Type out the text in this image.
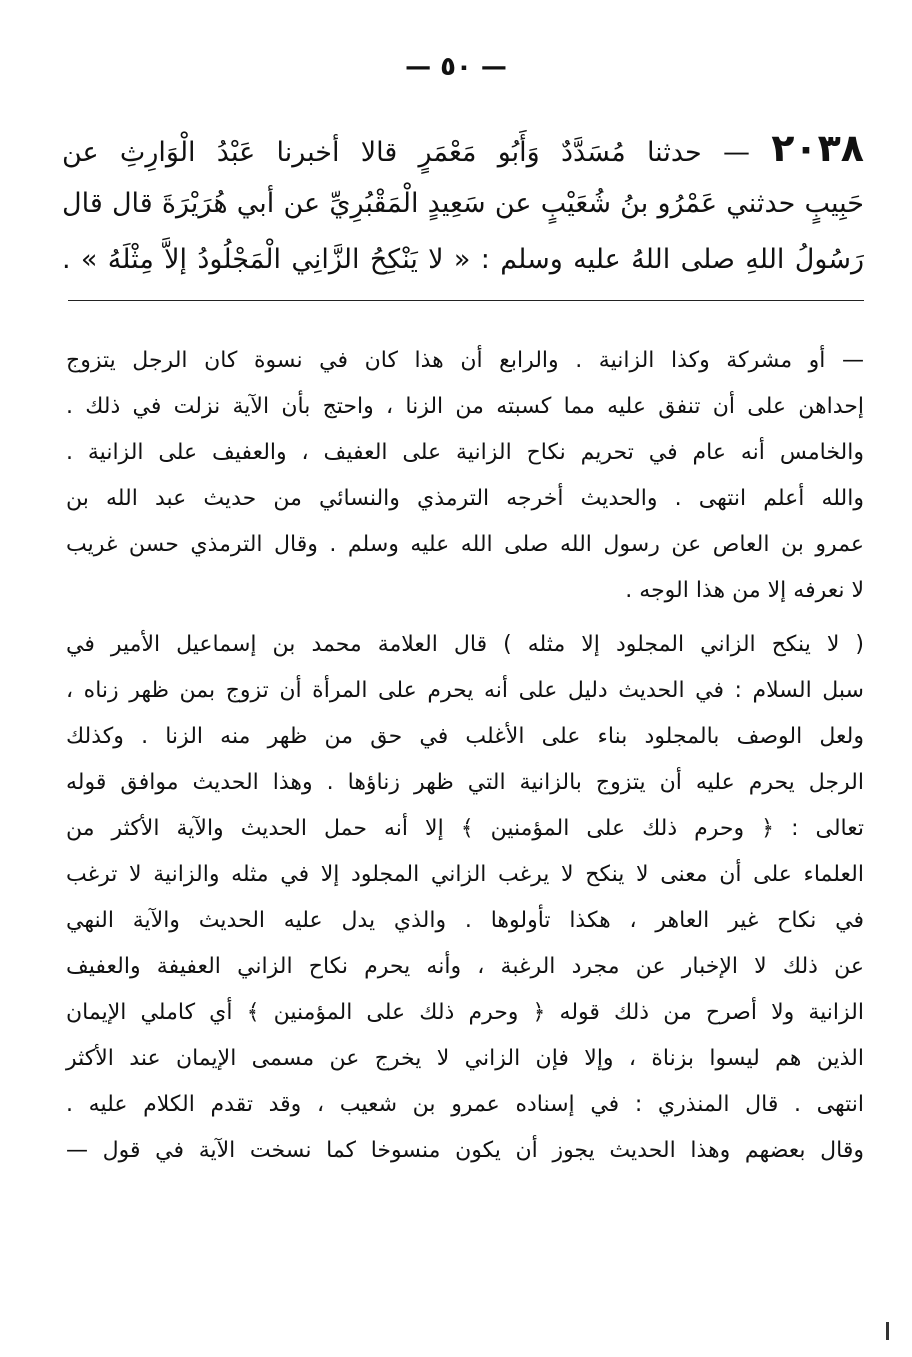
— ٥٠ —
٢٠٣٨ — حدثنا مُسَدَّدٌ وَأَبُو مَعْمَرٍ قالا أخبرنا عَبْدُ الْوَارِثِ عن
حَبِيبٍ حدثني عَمْرُو بنُ شُعَيْبٍ عن سَعِيدٍ الْمَقْبُرِيِّ عن أبي هُرَيْرَةَ قال قال
رَسُولُ اللهِ صلى اللهُ عليه وسلم : « لا يَنْكِحُ الزَّانِي الْمَجْلُودُ إلاَّ مِثْلَهُ » .
— أو مشركة وكذا الزانية . والرابع أن هذا كان في نسوة كان الرجل يتزوج
إحداهن على أن تنفق عليه مما كسبته من الزنا ، واحتج بأن الآية نزلت في ذلك .
والخامس أنه عام في تحريم نكاح الزانية على العفيف ، والعفيف على الزانية .
والله أعلم انتهى . والحديث أخرجه الترمذي والنسائي من حديث عبد الله بن
عمرو بن العاص عن رسول الله صلى الله عليه وسلم . وقال الترمذي حسن غريب
لا نعرفه إلا من هذا الوجه .
( لا ينكح الزاني المجلود إلا مثله ) قال العلامة محمد بن إسماعيل الأمير في
سبل السلام : في الحديث دليل على أنه يحرم على المرأة أن تزوج بمن ظهر زناه ،
ولعل الوصف بالمجلود بناء على الأغلب في حق من ظهر منه الزنا . وكذلك
الرجل يحرم عليه أن يتزوج بالزانية التي ظهر زناؤها . وهذا الحديث موافق قوله
تعالى : ﴿ وحرم ذلك على المؤمنين ﴾ إلا أنه حمل الحديث والآية الأكثر من
العلماء على أن معنى لا ينكح لا يرغب الزاني المجلود إلا في مثله والزانية لا ترغب
في نكاح غير العاهر ، هكذا تأولوها . والذي يدل عليه الحديث والآية النهي
عن ذلك لا الإخبار عن مجرد الرغبة ، وأنه يحرم نكاح الزاني العفيفة والعفيف
الزانية ولا أصرح من ذلك قوله ﴿ وحرم ذلك على المؤمنين ﴾ أي كاملي الإيمان
الذين هم ليسوا بزناة ، وإلا فإن الزاني لا يخرج عن مسمى الإيمان عند الأكثر
انتهى . قال المنذري : في إسناده عمرو بن شعيب ، وقد تقدم الكلام عليه .
وقال بعضهم وهذا الحديث يجوز أن يكون منسوخا كما نسخت الآية في قول —
